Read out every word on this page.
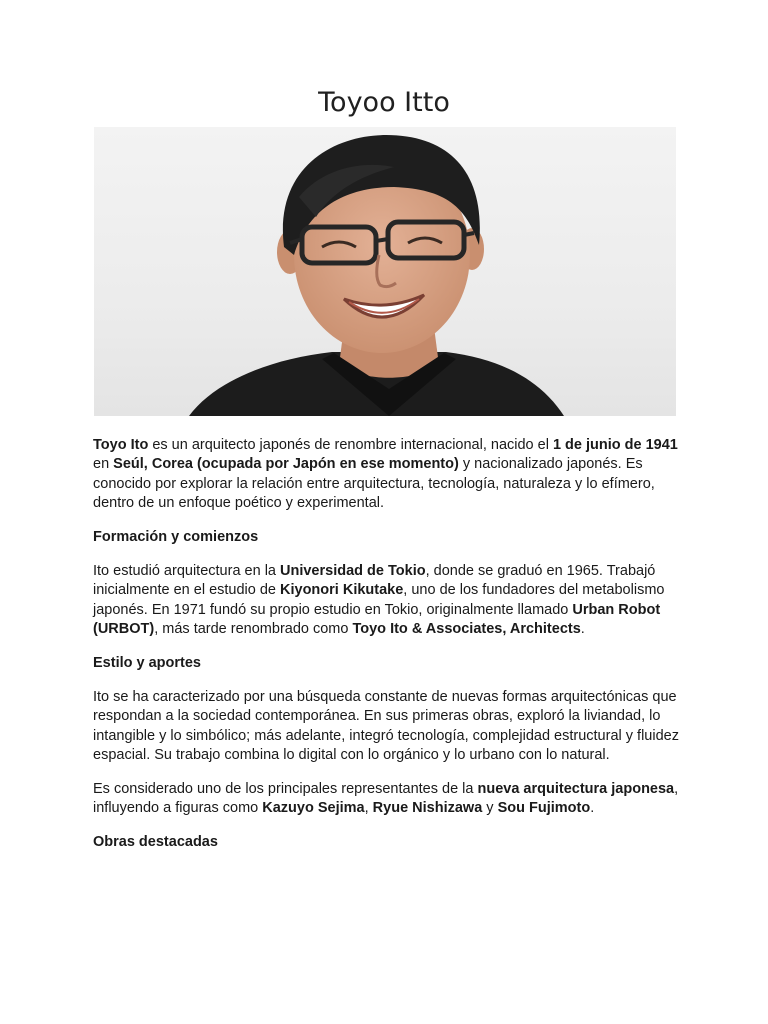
Toyoo Itto

Toyo Ito es un arquitecto japonés de renombre internacional, nacido el 1 de junio de 1941 en Seúl, Corea (ocupada por Japón en ese momento) y nacionalizado japonés. Es conocido por explorar la relación entre arquitectura, tecnología, naturaleza y lo efímero, dentro de un enfoque poético y experimental.

Formación y comienzos

Ito estudió arquitectura en la Universidad de Tokio, donde se graduó en 1965. Trabajó inicialmente en el estudio de Kiyonori Kikutake, uno de los fundadores del metabolismo japonés. En 1971 fundó su propio estudio en Tokio, originalmente llamado Urban Robot (URBOT), más tarde renombrado como Toyo Ito & Associates, Architects.

Estilo y aportes

Ito se ha caracterizado por una búsqueda constante de nuevas formas arquitectónicas que respondan a la sociedad contemporánea. En sus primeras obras, exploró la liviandad, lo intangible y lo simbólico; más adelante, integró tecnología, complejidad estructural y fluidez espacial. Su trabajo combina lo digital con lo orgánico y lo urbano con lo natural.

Es considerado uno de los principales representantes de la nueva arquitectura japonesa, influyendo a figuras como Kazuyo Sejima, Ryue Nishizawa y Sou Fujimoto.

Obras destacadas
